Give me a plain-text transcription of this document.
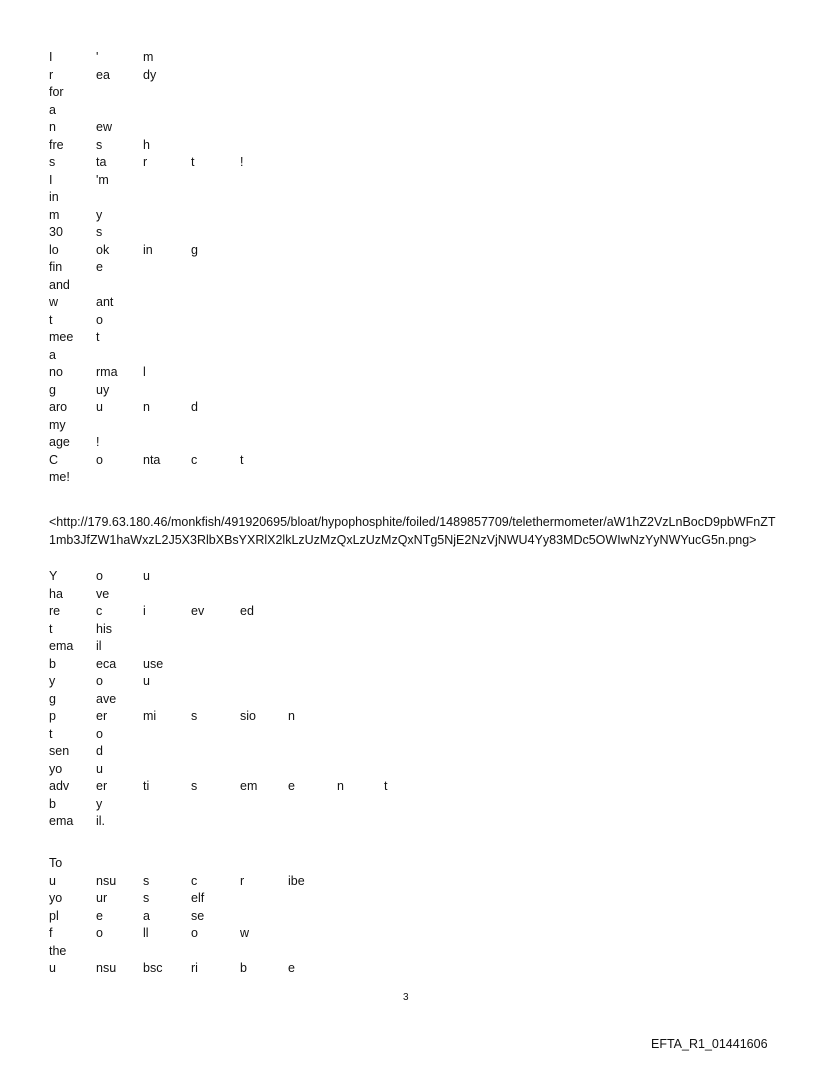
I	'	m
r	ea	dy
for
a
n	ew
fre	s	h
s	ta	r	t	!
I	'm
in
m	y
30	s
lo	ok	in	g
fin	e
and
w	ant
t	o
mee t
a
no	rma l
g	uy
aro u	n	d
my
age !
C	o	nta c	t
me!
<http://179.63.180.46/monkfish/491920695/bloat/hypophosphite/foiled/1489857709/telethermometer/aW1hZ2VzLnBocD9pbWFnZT1mb3JfZW1haWxzL2J5X3RlbXBsYXRlX2lkLzUzMzQxLzUzMzQxNTg5NjE2NzVjNWU4Yy83MDc5OWIwNzYyNWYucG5n.png>
Y	o	u
ha	ve
re	c	i	ev	ed
t	his
ema il
b	eca use
y	o	u
g	ave
p	er	mi	s	sio	n
t	o
sen d
yo	u
adv er	ti	s	em e	n	t
b	y
ema il.
To
u	nsu s	c	r	ibe
yo	ur	s	elf
pl	e	a	se
f	o	ll	o	w
the
u	nsu bsc ri	b	e
3
EFTA_R1_01441606
